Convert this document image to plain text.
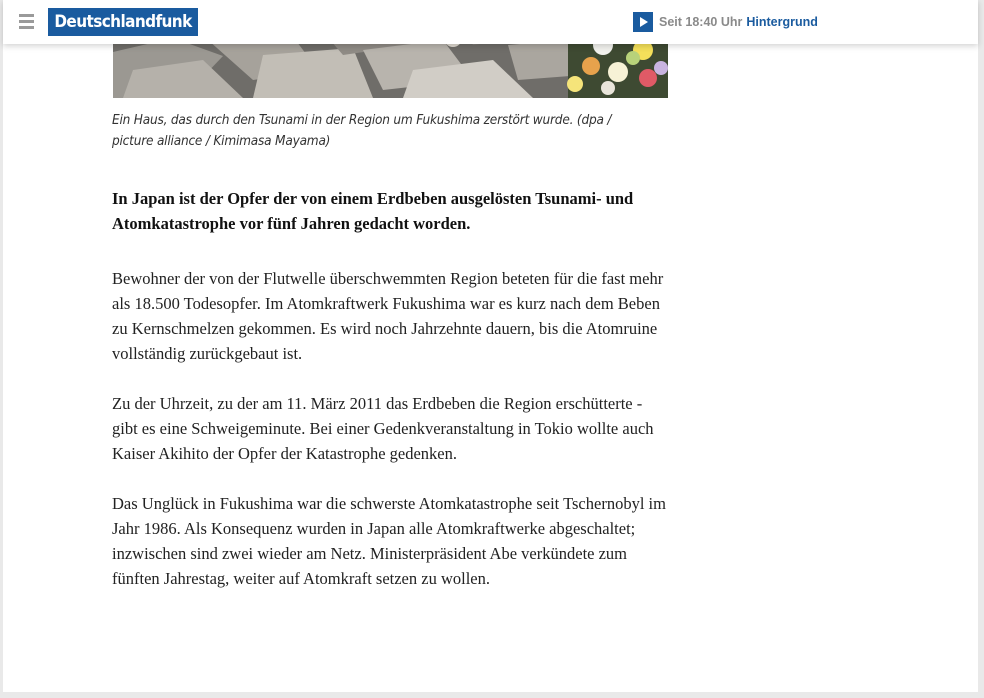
Deutschlandfunk	Seit 18:40 Uhr Hintergrund
Ein Haus, das durch den Tsunami in der Region um Fukushima zerstört wurde. (dpa / picture alliance / Kimimasa Mayama)
In Japan ist der Opfer der von einem Erdbeben ausgelösten Tsunami- und Atomkatastrophe vor fünf Jahren gedacht worden.

Bewohner der von der Flutwelle überschwemmten Region beteten für die fast mehr als 18.500 Todesopfer. Im Atomkraftwerk Fukushima war es kurz nach dem Beben zu Kernschmelzen gekommen. Es wird noch Jahrzehnte dauern, bis die Atomruine vollständig zurückgebaut ist.

Zu der Uhrzeit, zu der am 11. März 2011 das Erdbeben die Region erschütterte - gibt es eine Schweigeminute. Bei einer Gedenkveranstaltung in Tokio wollte auch Kaiser Akihito der Opfer der Katastrophe gedenken.

Das Unglück in Fukushima war die schwerste Atomkatastrophe seit Tschernobyl im Jahr 1986. Als Konsequenz wurden in Japan alle Atomkraftwerke abgeschaltet; inzwischen sind zwei wieder am Netz. Ministerpräsident Abe verkündete zum fünften Jahrestag, weiter auf Atomkraft setzen zu wollen.
